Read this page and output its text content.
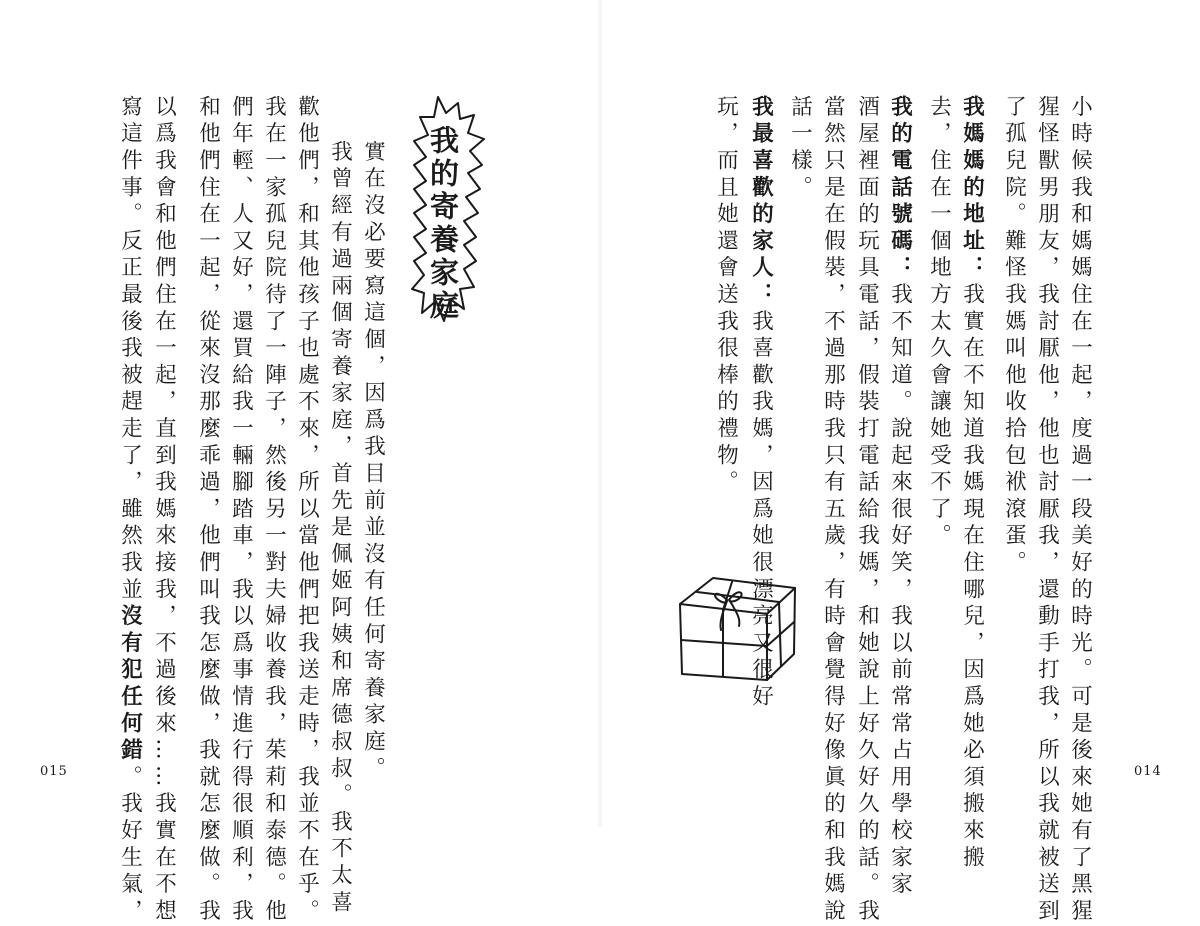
小時候我和媽媽住在一起，度過一段美好的時光。可是後來她有了黑猩
猩怪獸男朋友，我討厭他，他也討厭我，還動手打我，所以我就被送到
了孤兒院。難怪我媽叫他收拾包袱滾蛋。
我媽媽的地址：我實在不知道我媽現在住哪兒，因爲她必須搬來搬
去，住在一個地方太久會讓她受不了。
我的電話號碼：我不知道。說起來很好笑，我以前常常占用學校家家
酒屋裡面的玩具電話，假裝打電話給我媽，和她說上好久好久的話。我
當然只是在假裝，不過那時我只有五歲，有時會覺得好像眞的和我媽說
話一樣。
我最喜歡的家人：我喜歡我媽，因爲她很漂亮又很好
玩，而且她還會送我很棒的禮物。
014
我的寄養家庭
實在沒必要寫這個，因爲我目前並沒有任何寄養家庭。
我曾經有過兩個寄養家庭，首先是佩姬阿姨和席德叔叔。我不太喜
歡他們，和其他孩子也處不來，所以當他們把我送走時，我並不在乎。
我在一家孤兒院待了一陣子，然後另一對夫婦收養我，茱莉和泰德。他
們年輕、人又好，還買給我一輛腳踏車，我以爲事情進行得很順利，我
和他們住在一起，從來沒那麼乖過，他們叫我怎麼做，我就怎麼做。我
以爲我會和他們住在一起，直到我媽來接我，不過後來……我實在不想
寫這件事。反正最後我被趕走了，雖然我並沒有犯任何錯。我好生氣，
015
